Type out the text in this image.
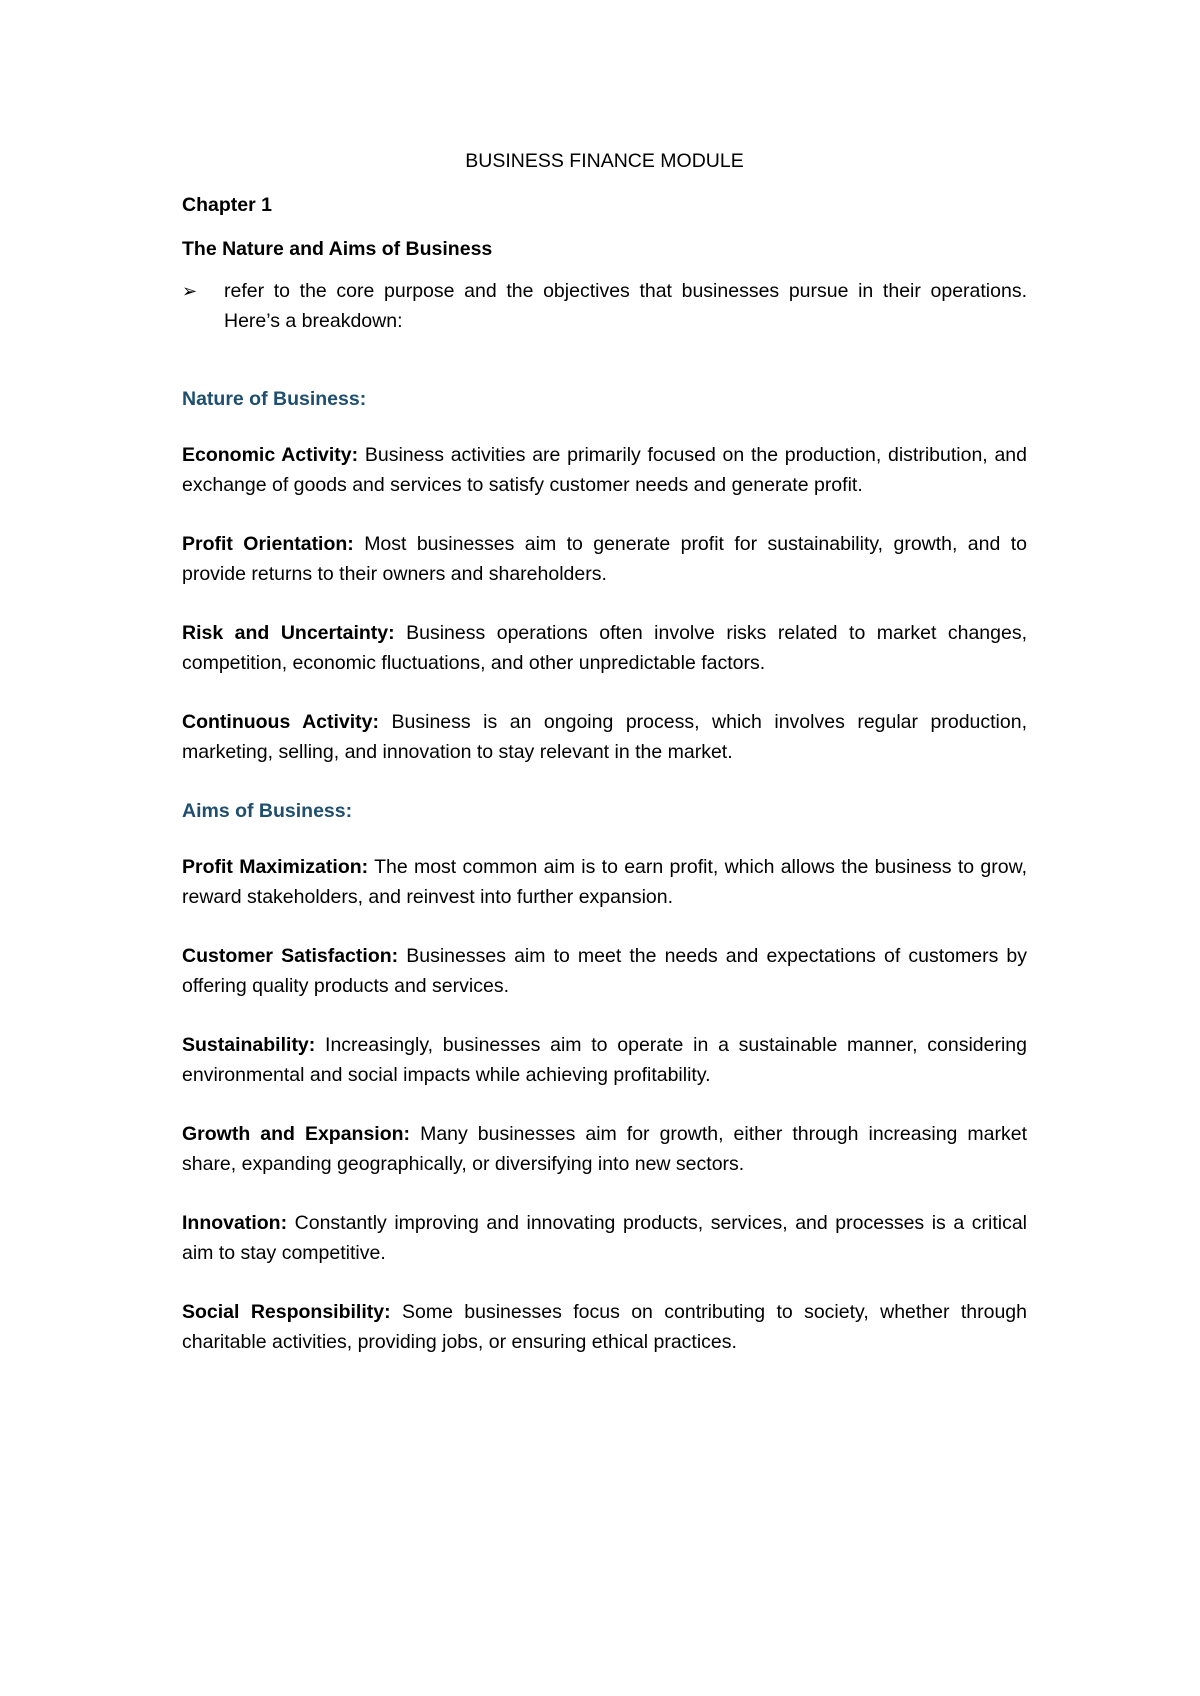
BUSINESS FINANCE MODULE
Chapter 1
The Nature and Aims of Business
➢	refer to the core purpose and the objectives that businesses pursue in their operations. Here’s a breakdown:
Nature of Business:

Economic Activity: Business activities are primarily focused on the production, distribution, and exchange of goods and services to satisfy customer needs and generate profit.

Profit Orientation: Most businesses aim to generate profit for sustainability, growth, and to provide returns to their owners and shareholders.

Risk and Uncertainty: Business operations often involve risks related to market changes, competition, economic fluctuations, and other unpredictable factors.

Continuous Activity: Business is an ongoing process, which involves regular production, marketing, selling, and innovation to stay relevant in the market.

Aims of Business:

Profit Maximization: The most common aim is to earn profit, which allows the business to grow, reward stakeholders, and reinvest into further expansion.

Customer Satisfaction: Businesses aim to meet the needs and expectations of customers by offering quality products and services.

Sustainability: Increasingly, businesses aim to operate in a sustainable manner, considering environmental and social impacts while achieving profitability.

Growth and Expansion: Many businesses aim for growth, either through increasing market share, expanding geographically, or diversifying into new sectors.

Innovation: Constantly improving and innovating products, services, and processes is a critical aim to stay competitive.

Social Responsibility: Some businesses focus on contributing to society, whether through charitable activities, providing jobs, or ensuring ethical practices.
